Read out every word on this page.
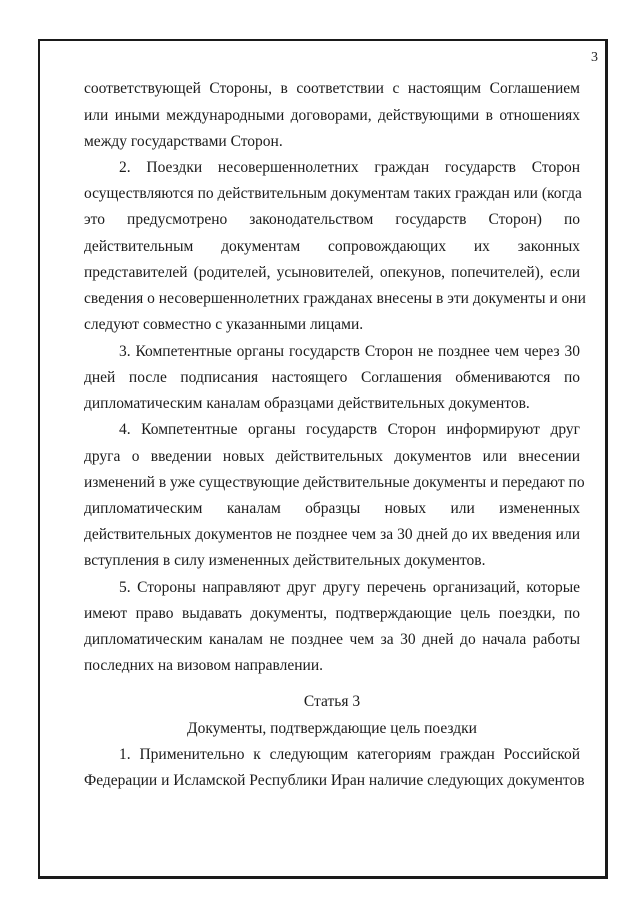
3
соответствующей Стороны, в соответствии с настоящим Соглашением
или иными международными договорами, действующими в отношениях
между государствами Сторон.
2. Поездки несовершеннолетних граждан государств Сторон
осуществляются по действительным документам таких граждан или (когда
это предусмотрено законодательством государств Сторон) по
действительным документам сопровождающих их законных
представителей (родителей, усыновителей, опекунов, попечителей), если
сведения о несовершеннолетних гражданах внесены в эти документы и они
следуют совместно с указанными лицами.
3. Компетентные органы государств Сторон не позднее чем через 30
дней после подписания настоящего Соглашения обмениваются по
дипломатическим каналам образцами действительных документов.
4. Компетентные органы государств Сторон информируют друг
друга о введении новых действительных документов или внесении
изменений в уже существующие действительные документы и передают по
дипломатическим каналам образцы новых или измененных
действительных документов не позднее чем за 30 дней до их введения или
вступления в силу измененных действительных документов.
5. Стороны направляют друг другу перечень организаций, которые
имеют право выдавать документы, подтверждающие цель поездки, по
дипломатическим каналам не позднее чем за 30 дней до начала работы
последних на визовом направлении.
Статья 3
Документы, подтверждающие цель поездки
1. Применительно к следующим категориям граждан Российской
Федерации и Исламской Республики Иран наличие следующих документов
